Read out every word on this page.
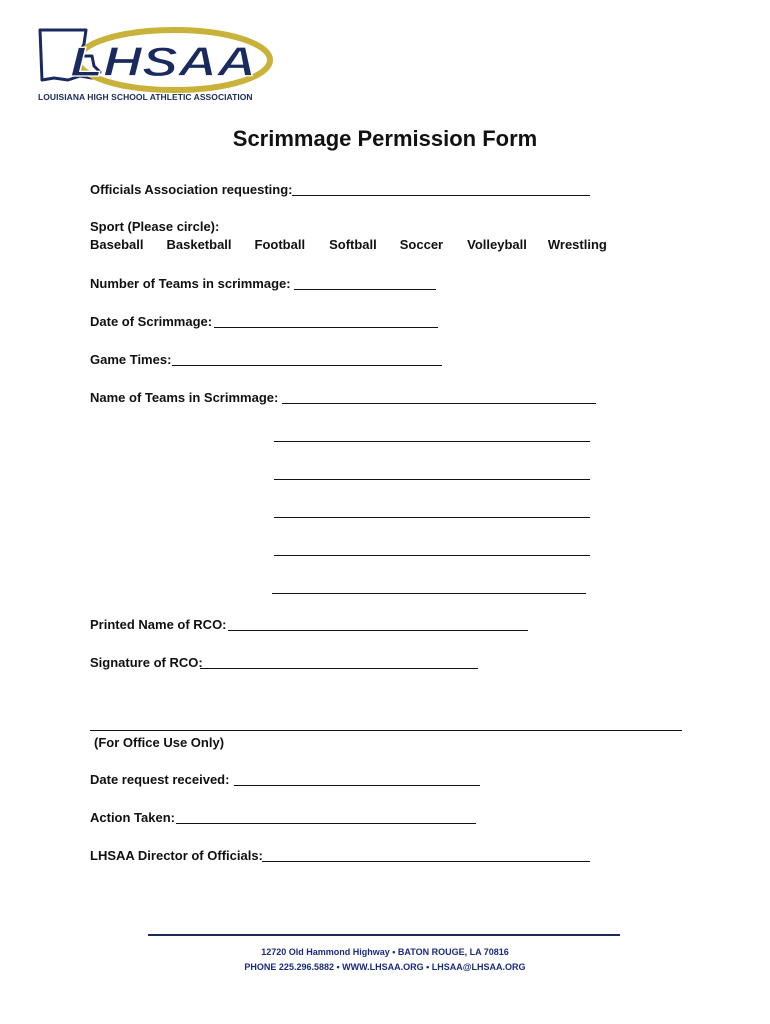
LHSAA
LOUISIANA HIGH SCHOOL ATHLETIC ASSOCIATION
Scrimmage Permission Form
Officials Association requesting:
Sport (Please circle):
Baseball Basketball Football Softball Soccer Volleyball Wrestling
Number of Teams in scrimmage:
Date of Scrimmage:
Game Times:
Name of Teams in Scrimmage:
Printed Name of RCO:
Signature of RCO:
(For Office Use Only)
Date request received:
Action Taken:
LHSAA Director of Officials:
12720 Old Hammond Highway • BATON ROUGE, LA 70816
PHONE 225.296.5882 • WWW.LHSAA.ORG • LHSAA@LHSAA.ORG
